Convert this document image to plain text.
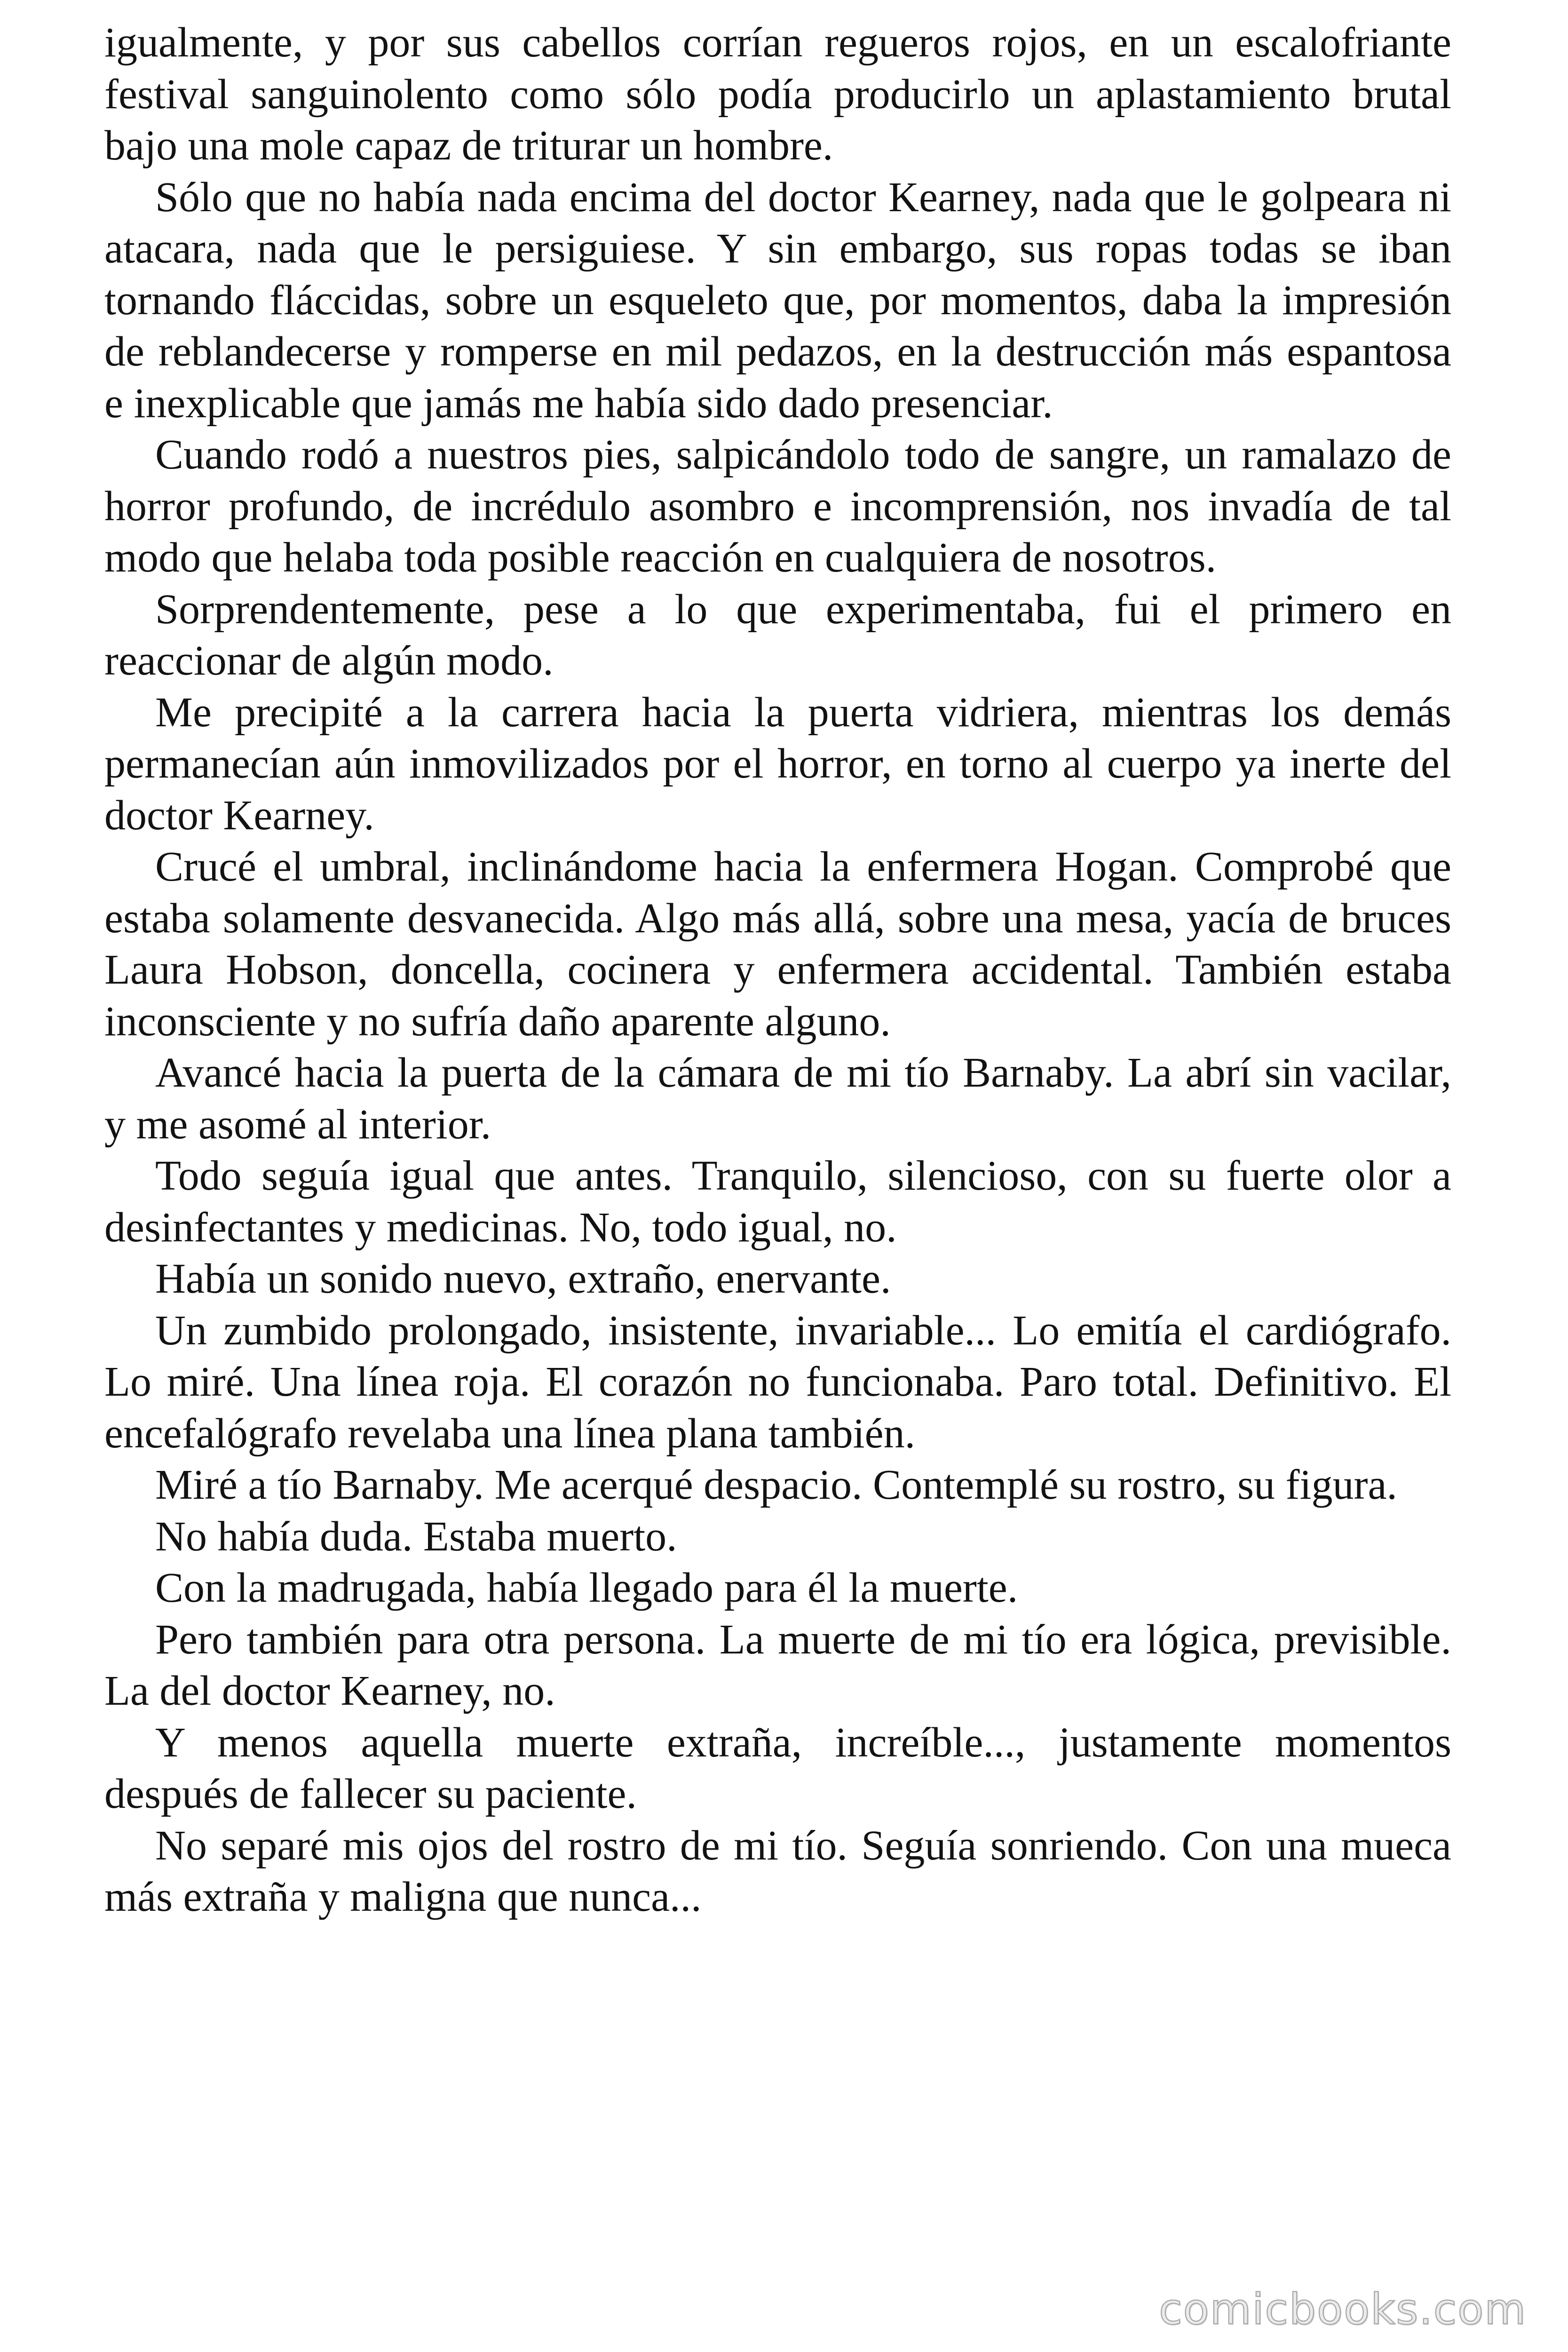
igualmente, y por sus cabellos corrían regueros rojos, en un escalofriante
festival sanguinolento como sólo podía producirlo un aplastamiento brutal
bajo una mole capaz de triturar un hombre.
Sólo que no había nada encima del doctor Kearney, nada que le golpeara ni
atacara, nada que le persiguiese. Y sin embargo, sus ropas todas se iban
tornando fláccidas, sobre un esqueleto que, por momentos, daba la impresión
de reblandecerse y romperse en mil pedazos, en la destrucción más espantosa
e inexplicable que jamás me había sido dado presenciar.
Cuando rodó a nuestros pies, salpicándolo todo de sangre, un ramalazo de
horror profundo, de incrédulo asombro e incomprensión, nos invadía de tal
modo que helaba toda posible reacción en cualquiera de nosotros.
Sorprendentemente, pese a lo que experimentaba, fui el primero en
reaccionar de algún modo.
Me precipité a la carrera hacia la puerta vidriera, mientras los demás
permanecían aún inmovilizados por el horror, en torno al cuerpo ya inerte del
doctor Kearney.
Crucé el umbral, inclinándome hacia la enfermera Hogan. Comprobé que
estaba solamente desvanecida. Algo más allá, sobre una mesa, yacía de bruces
Laura Hobson, doncella, cocinera y enfermera accidental. También estaba
inconsciente y no sufría daño aparente alguno.
Avancé hacia la puerta de la cámara de mi tío Barnaby. La abrí sin vacilar,
y me asomé al interior.
Todo seguía igual que antes. Tranquilo, silencioso, con su fuerte olor a
desinfectantes y medicinas. No, todo igual, no.
Había un sonido nuevo, extraño, enervante.
Un zumbido prolongado, insistente, invariable... Lo emitía el cardiógrafo.
Lo miré. Una línea roja. El corazón no funcionaba. Paro total. Definitivo. El
encefalógrafo revelaba una línea plana también.
Miré a tío Barnaby. Me acerqué despacio. Contemplé su rostro, su figura.
No había duda. Estaba muerto.
Con la madrugada, había llegado para él la muerte.
Pero también para otra persona. La muerte de mi tío era lógica, previsible.
La del doctor Kearney, no.
Y menos aquella muerte extraña, increíble..., justamente momentos
después de fallecer su paciente.
No separé mis ojos del rostro de mi tío. Seguía sonriendo. Con una mueca
más extraña y maligna que nunca...
comicbooks.com
